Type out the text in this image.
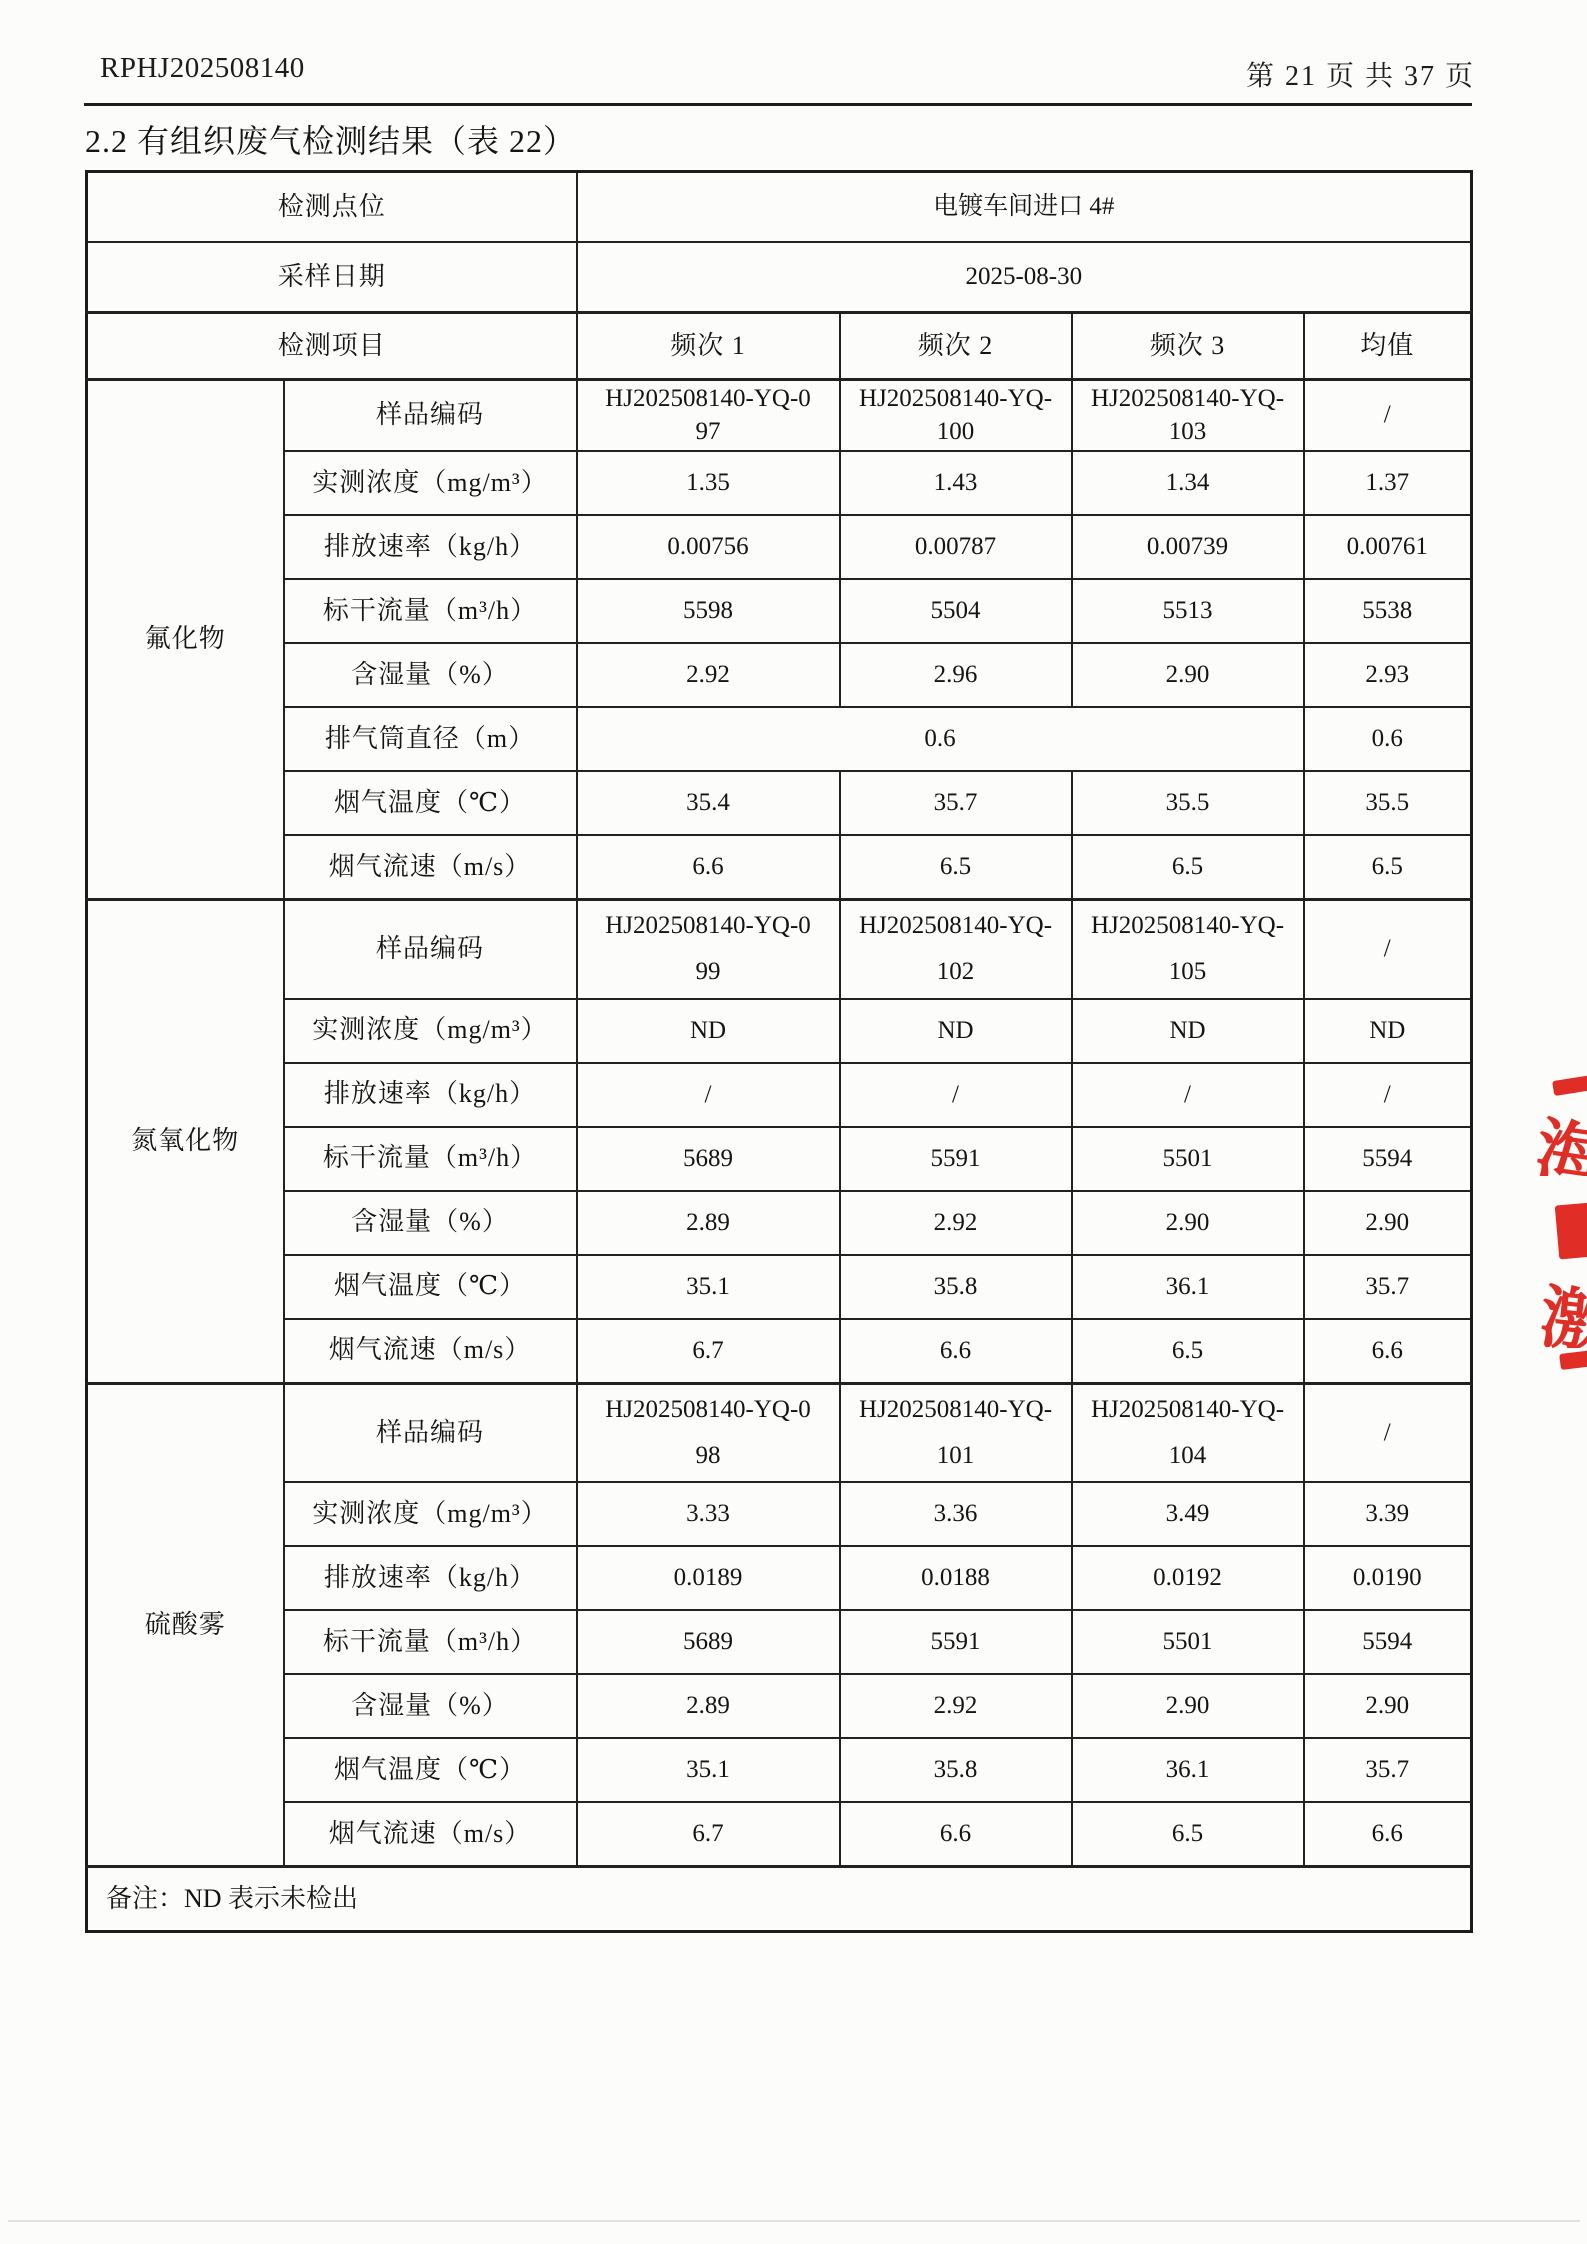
RPHJ202508140	第 21 页 共 37 页
2.2 有组织废气检测结果（表 22）
检测点位		电镀车间进口 4#			
采样日期		2025-08-30			
检测项目		频次 1	频次 2	频次 3	均值
氟化物	样品编码	HJ202508140-YQ-097	HJ202508140-YQ-100	HJ202508140-YQ-103	/
	实测浓度（mg/m³）	1.35	1.43	1.34	1.37
	排放速率（kg/h）	0.00756	0.00787	0.00739	0.00761
	标干流量（m³/h）	5598	5504	5513	5538
	含湿量（%）	2.92	2.96	2.90	2.93
	排气筒直径（m）	0.6			0.6
	烟气温度（℃）	35.4	35.7	35.5	35.5
	烟气流速（m/s）	6.6	6.5	6.5	6.5
氮氧化物	样品编码	HJ202508140-YQ-099	HJ202508140-YQ-102	HJ202508140-YQ-105	/
	实测浓度（mg/m³）	ND	ND	ND	ND
	排放速率（kg/h）	/	/	/	/
	标干流量（m³/h）	5689	5591	5501	5594
	含湿量（%）	2.89	2.92	2.90	2.90
	烟气温度（℃）	35.1	35.8	36.1	35.7
	烟气流速（m/s）	6.7	6.6	6.5	6.6
硫酸雾	样品编码	HJ202508140-YQ-098	HJ202508140-YQ-101	HJ202508140-YQ-104	/
	实测浓度（mg/m³）	3.33	3.36	3.49	3.39
	排放速率（kg/h）	0.0189	0.0188	0.0192	0.0190
	标干流量（m³/h）	5689	5591	5501	5594
	含湿量（%）	2.89	2.92	2.90	2.90
	烟气温度（℃）	35.1	35.8	36.1	35.7
	烟气流速（m/s）	6.7	6.6	6.5	6.6
备注：ND 表示未检出					
海
激
